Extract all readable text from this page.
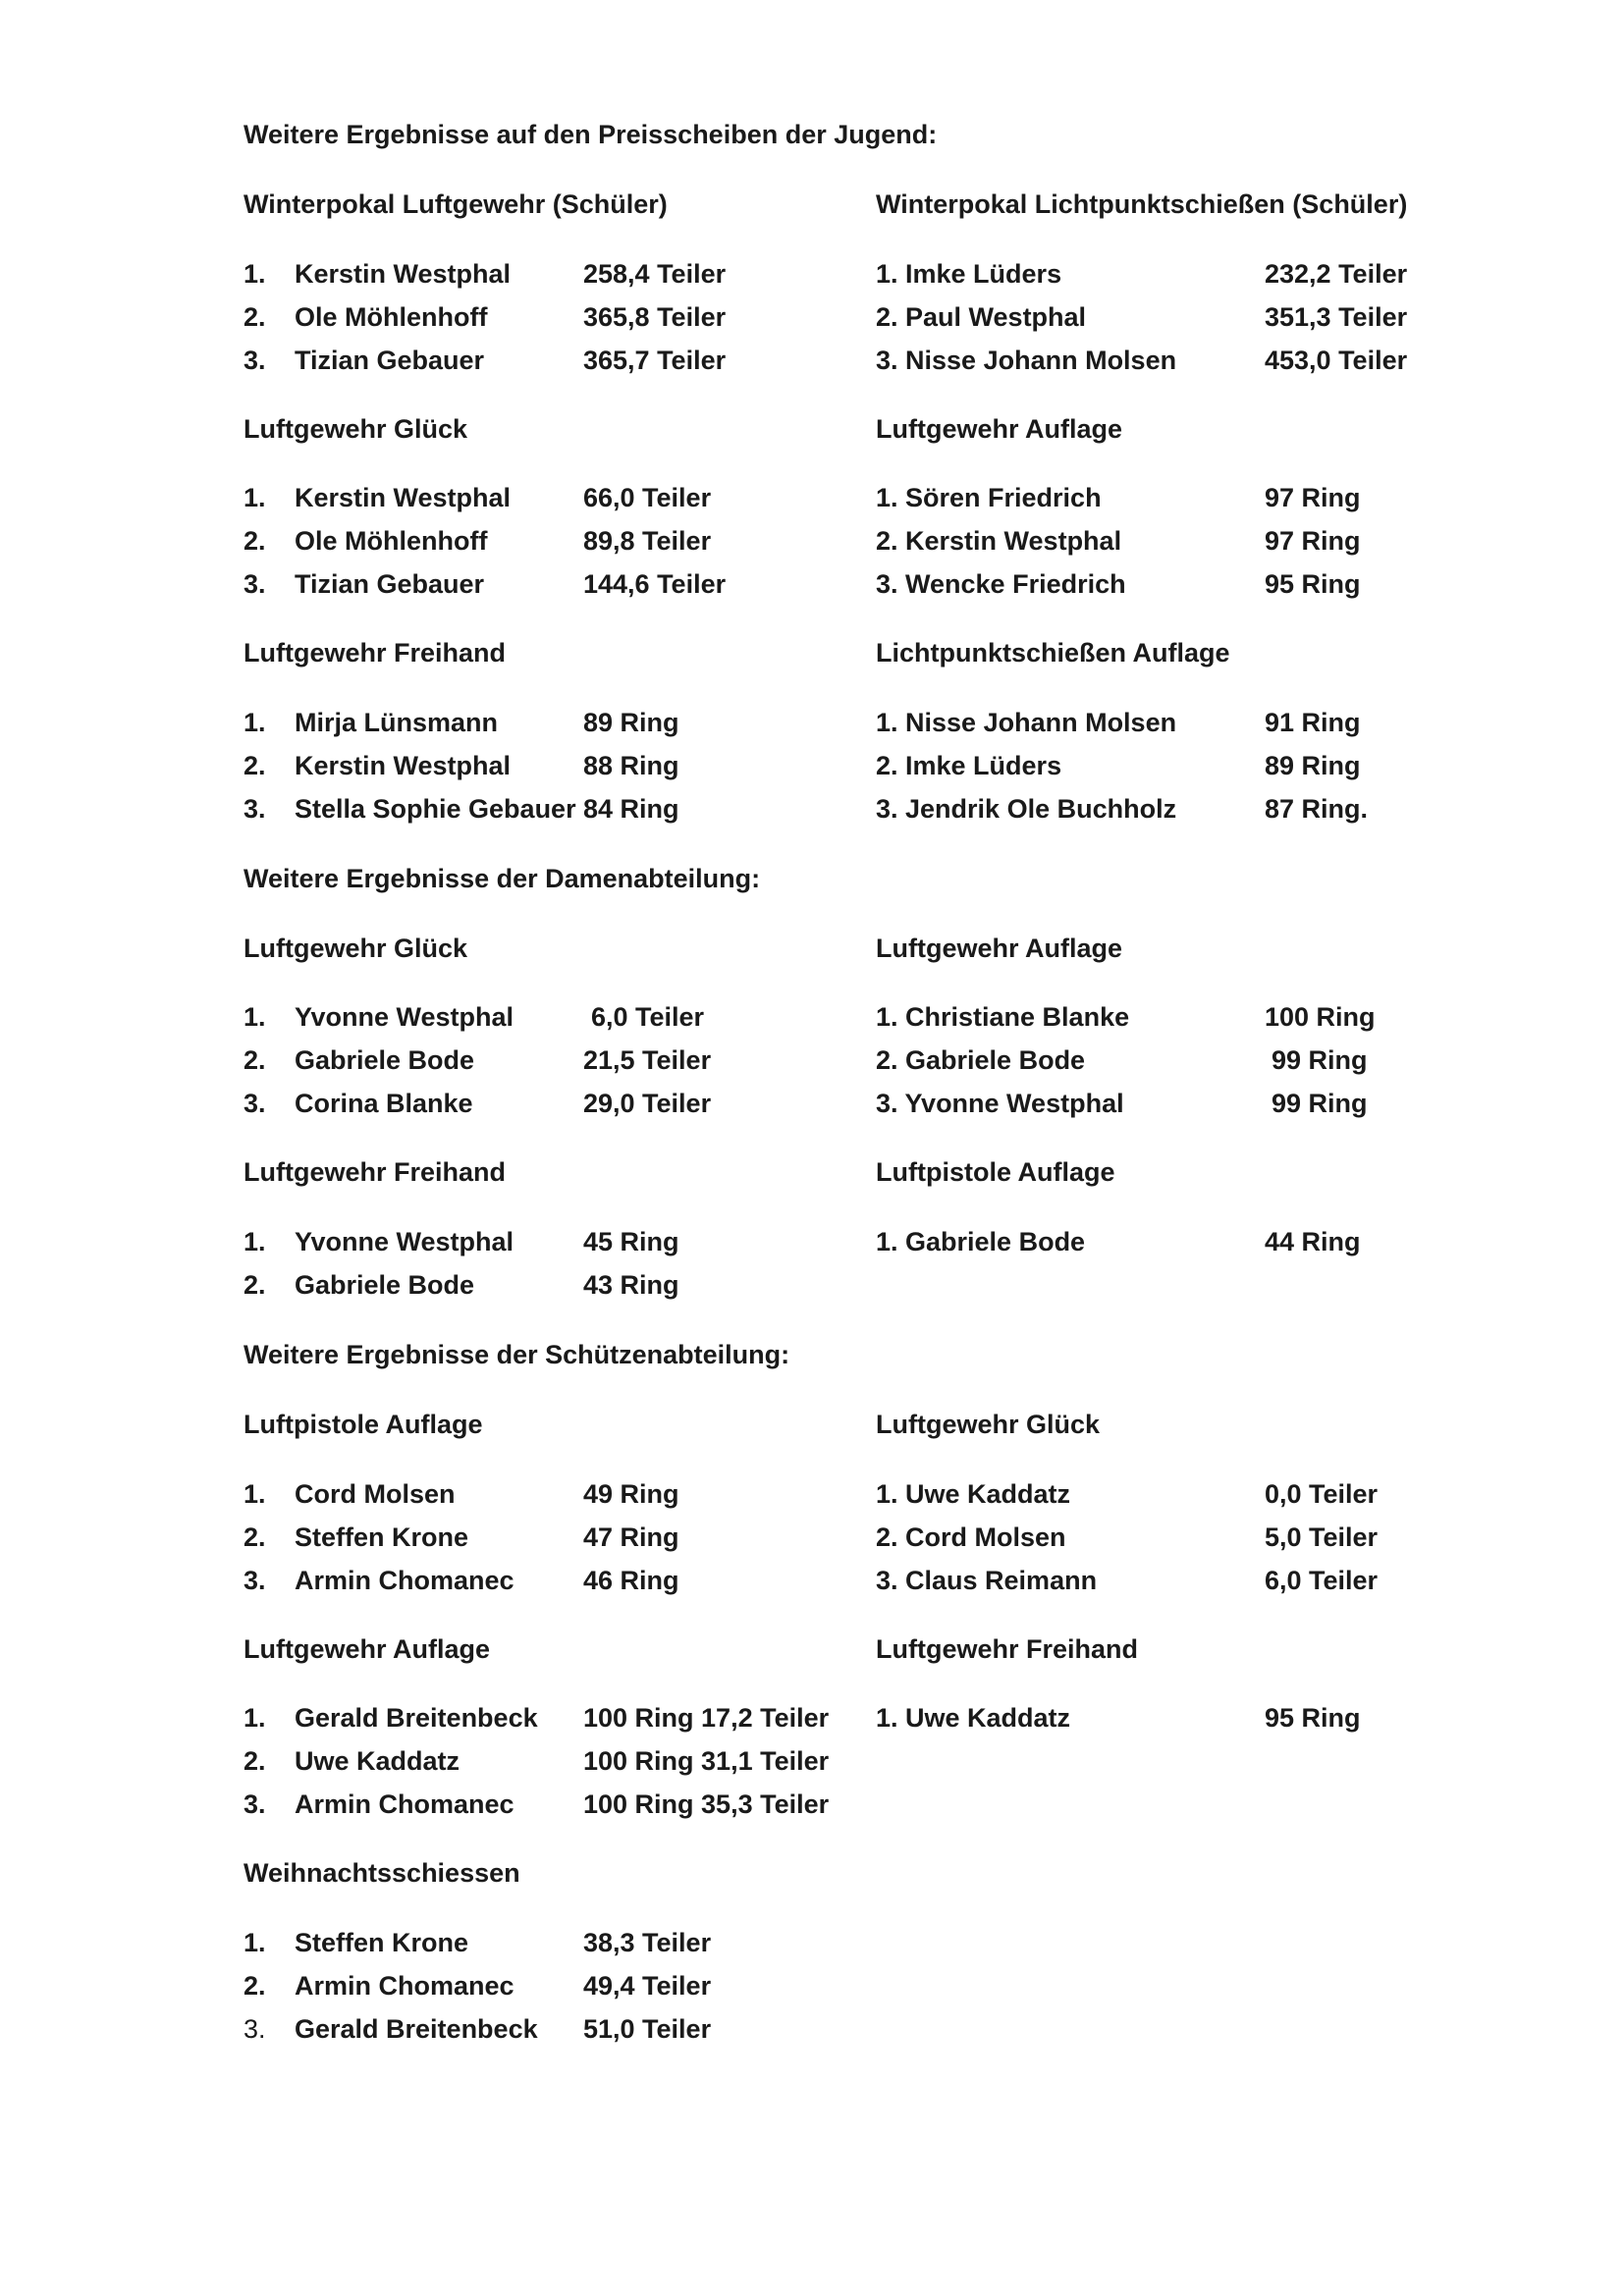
Weitere Ergebnisse auf den Preisscheiben der Jugend:
Winterpokal Luftgewehr (Schüler)
1. Kerstin Westphal	258,4 Teiler
2. Ole Möhlenhoff	365,8 Teiler
3. Tizian Gebauer	365,7 Teiler
Luftgewehr Glück
1. Kerstin Westphal	66,0 Teiler
2. Ole Möhlenhoff	89,8 Teiler
3. Tizian Gebauer	144,6 Teiler
Luftgewehr Freihand
1. Mirja Lünsmann	89 Ring
2. Kerstin Westphal	88 Ring
3. Stella Sophie Gebauer 84 Ring
Winterpokal Lichtpunktschießen (Schüler)
1. Imke Lüders	232,2 Teiler
2. Paul Westphal	351,3 Teiler
3. Nisse Johann Molsen	453,0 Teiler
Luftgewehr Auflage
1. Sören Friedrich	97 Ring
2. Kerstin Westphal	97 Ring
3. Wencke Friedrich	95 Ring
Lichtpunktschießen Auflage
1. Nisse Johann Molsen	91 Ring
2. Imke Lüders	89 Ring
3. Jendrik Ole Buchholz	87 Ring.
Weitere Ergebnisse der Damenabteilung:
Luftgewehr Glück
1. Yvonne Westphal	6,0 Teiler
2. Gabriele Bode	21,5 Teiler
3. Corina Blanke	29,0 Teiler
Luftgewehr Freihand
1. Yvonne Westphal	45 Ring
2. Gabriele Bode	43 Ring
Luftgewehr Auflage
1. Christiane Blanke	100 Ring
2. Gabriele Bode	99 Ring
3. Yvonne Westphal	99 Ring
Luftpistole Auflage
1. Gabriele Bode	44 Ring
Weitere Ergebnisse der Schützenabteilung:
Luftpistole Auflage
1. Cord Molsen	49 Ring
2. Steffen Krone	47 Ring
3. Armin Chomanec	46 Ring
Luftgewehr Auflage
1. Gerald Breitenbeck 100 Ring 17,2 Teiler
2. Uwe Kaddatz	100 Ring 31,1 Teiler
3. Armin Chomanec	100 Ring 35,3 Teiler
Weihnachtsschiessen
1. Steffen Krone	38,3 Teiler
2. Armin Chomanec	49,4 Teiler
3. Gerald Breitenbeck 51,0 Teiler
Luftgewehr Glück
1. Uwe Kaddatz	0,0 Teiler
2. Cord Molsen	5,0 Teiler
3. Claus Reimann	6,0 Teiler
Luftgewehr Freihand
1. Uwe Kaddatz	95 Ring
